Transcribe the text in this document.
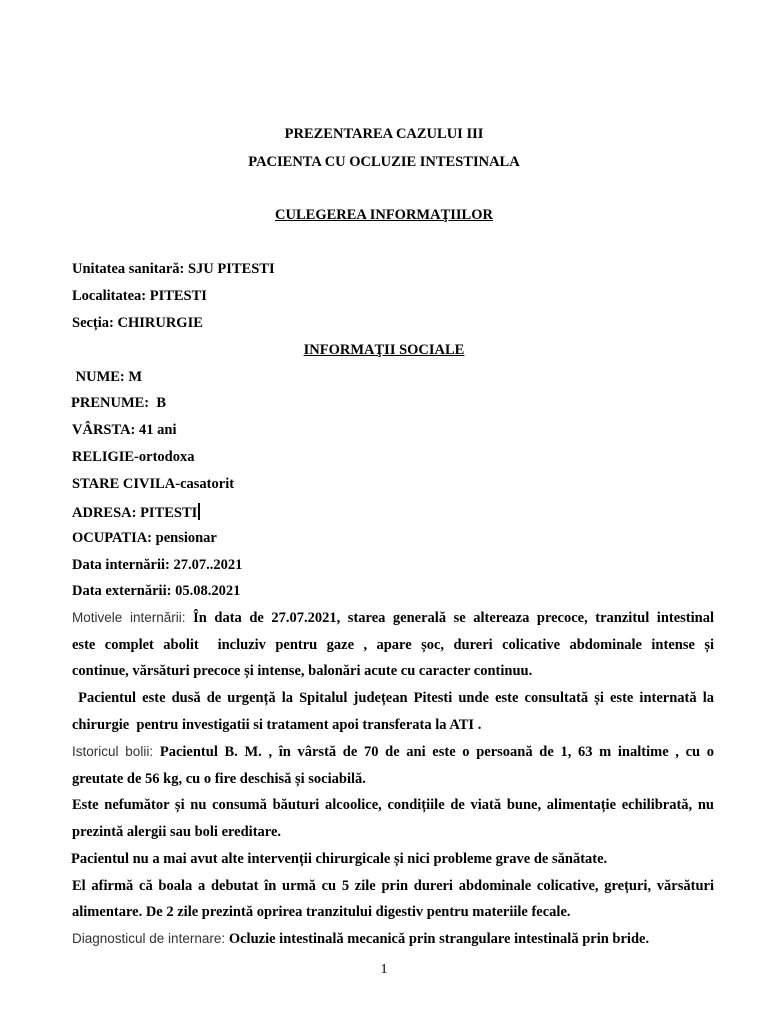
PREZENTAREA CAZULUI III
PACIENTA CU OCLUZIE INTESTINALA
CULEGEREA INFORMAŢIILOR
Unitatea sanitară: SJU PITESTI
Localitatea: PITESTI
Secția: CHIRURGIE
INFORMAŢII SOCIALE
NUME: M
PRENUME:  B
VÂRSTA: 41 ani
RELIGIE-ortodoxa
STARE CIVILA-casatorit
ADRESA: PITESTI
OCUPATIA: pensionar
Data internării: 27.07..2021
Data externării: 05.08.2021
Motivele internării: În data de 27.07.2021, starea generală se altereaza precoce, tranzitul intestinal
este complet abolit  incluziv pentru gaze , apare șoc, dureri colicative abdominale intense și
continue, vărsături precoce și intense, balonări acute cu caracter continuu.
Pacientul este dusă de urgență la Spitalul județean Pitesti unde este consultată și este internată la
chirurgie  pentru investigatii si tratament apoi transferata la ATI .
Istoricul bolii: Pacientul B. M. , în vârstă de 70 de ani este o persoană de 1, 63 m inaltime , cu o
greutate de 56 kg, cu o fire deschisă și sociabilă.
Este nefumător și nu consumă băuturi alcoolice, condițiile de viată bune, alimentație echilibrată, nu
prezintă alergii sau boli ereditare.
Pacientul nu a mai avut alte intervenții chirurgicale și nici probleme grave de sănătate.
El afirmă că boala a debutat în urmă cu 5 zile prin dureri abdominale colicative, grețuri, vărsături
alimentare. De 2 zile prezintă oprirea tranzitului digestiv pentru materiile fecale.
Diagnosticul de internare: Ocluzie intestinală mecanică prin strangulare intestinală prin bride.
1
